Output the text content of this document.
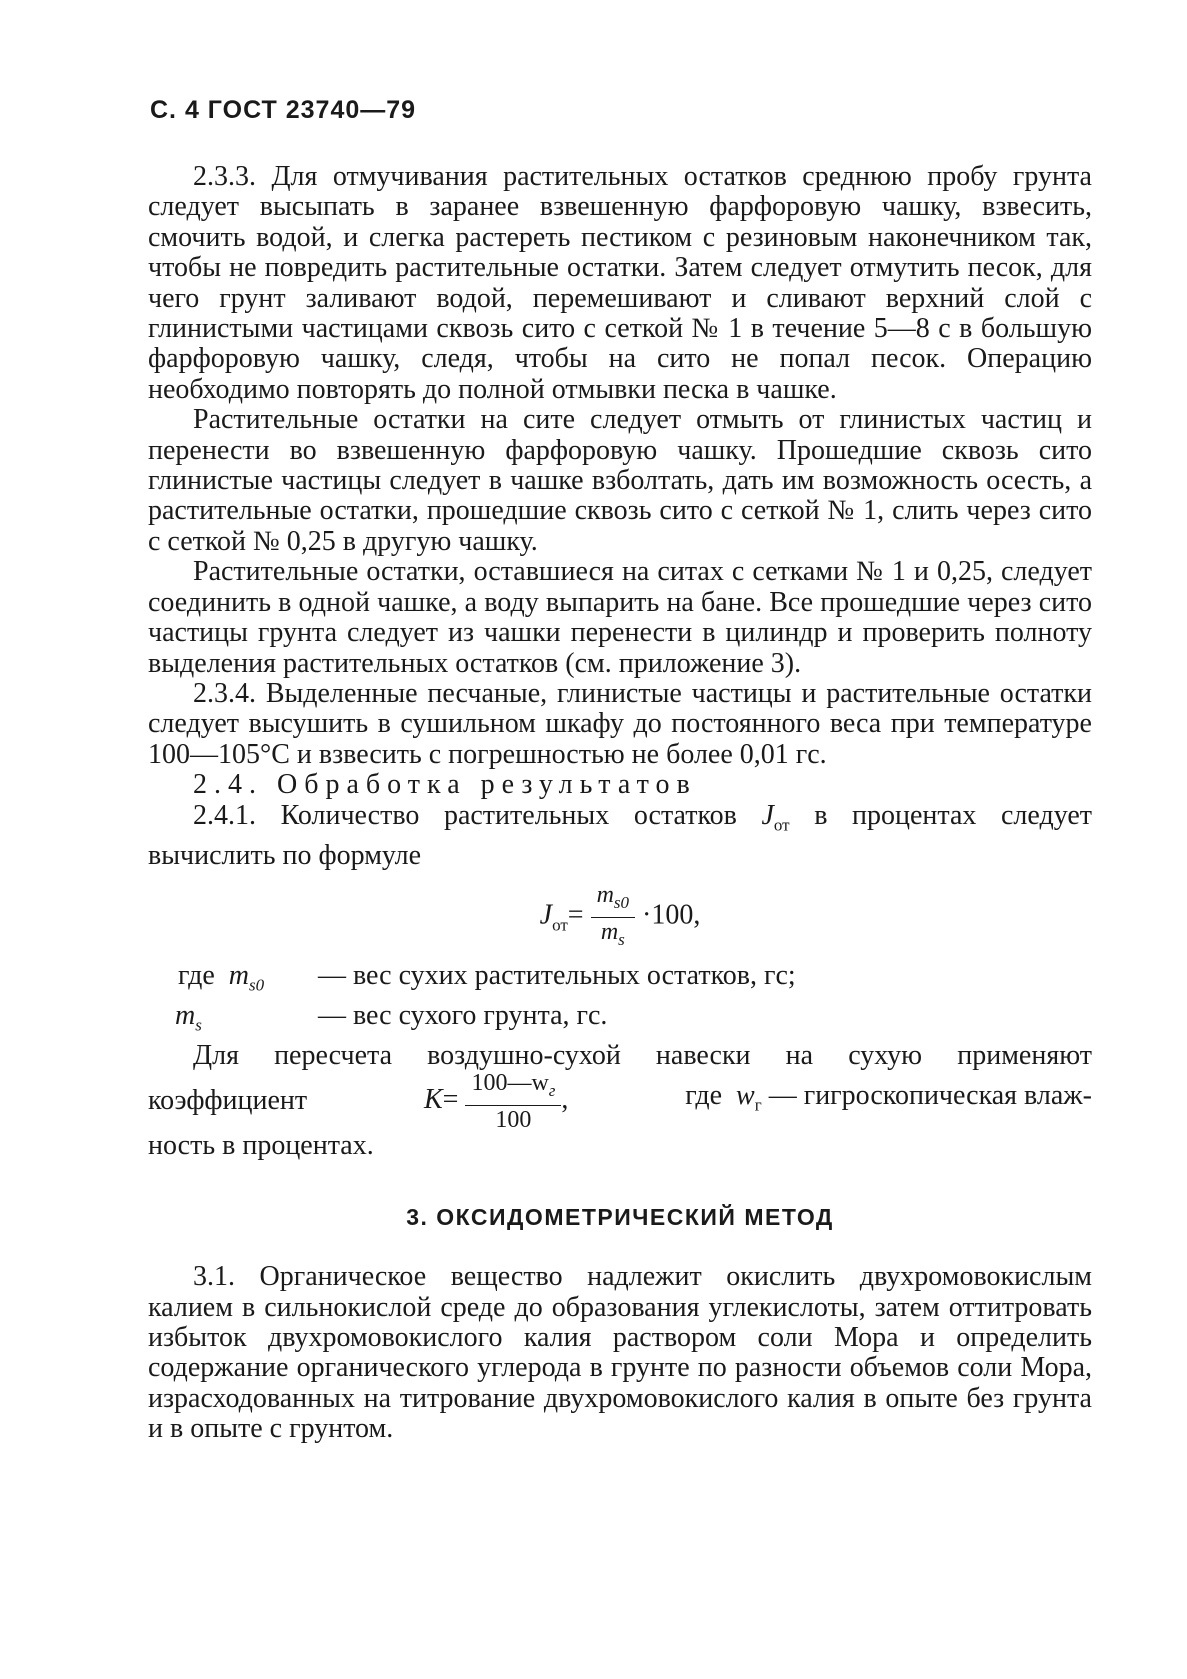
С. 4 ГОСТ 23740—79

2.3.3. Для отмучивания растительных остатков среднюю пробу грунта следует высыпать в заранее взвешенную фарфоровую чашку, взвесить, смочить водой, и слегка растереть пестиком с резиновым наконечником так, чтобы не повредить растительные остатки. Затем следует отмутить песок, для чего грунт заливают водой, перемешивают и сливают верхний слой с глинистыми частицами сквозь сито с сеткой № 1 в течение 5—8 с в большую фарфоровую чашку, следя, чтобы на сито не попал песок. Операцию необходимо повторять до полной отмывки песка в чашке.

Растительные остатки на сите следует отмыть от глинистых частиц и перенести во взвешенную фарфоровую чашку. Прошедшие сквозь сито глинистые частицы следует в чашке взболтать, дать им возможность осесть, а растительные остатки, прошедшие сквозь сито с сеткой № 1, слить через сито с сеткой № 0,25 в другую чашку.

Растительные остатки, оставшиеся на ситах с сетками № 1 и 0,25, следует соединить в одной чашке, а воду выпарить на бане. Все прошедшие через сито частицы грунта следует из чашки перенести в цилиндр и проверить полноту выделения растительных остатков (см. приложение 3).

2.3.4. Выделенные песчаные, глинистые частицы и растительные остатки следует высушить в сушильном шкафу до постоянного веса при температуре 100—105°С и взвесить с погрешностью не более 0,01 гс.

2.4. Обработка результатов

2.4.1. Количество растительных остатков $J_{от}$ в процентах следует вычислить по формуле

$J_{от}= \frac{m_{s0}}{m_s} \cdot 100$,
где $m_{s0}$	— вес сухих растительных остатков, гс;
$m_s$	— вес сухого грунта, гс.

Для пересчета воздушно-сухой навески на сухую применяют

коэффициент	$K= \frac{100—w_г}{100}$ ,	где $w_г$ — гигроскопическая влаж-

ность в процентах.

3. ОКСИДОМЕТРИЧЕСКИЙ МЕТОД

3.1. Органическое вещество надлежит окислить двухромовокислым калием в сильнокислой среде до образования углекислоты, затем оттитровать избыток двухромовокислого калия раствором соли Мора и определить содержание органического углерода в грунте по разности объемов соли Мора, израсходованных на титрование двухромовокислого калия в опыте без грунта и в опыте с грунтом.
